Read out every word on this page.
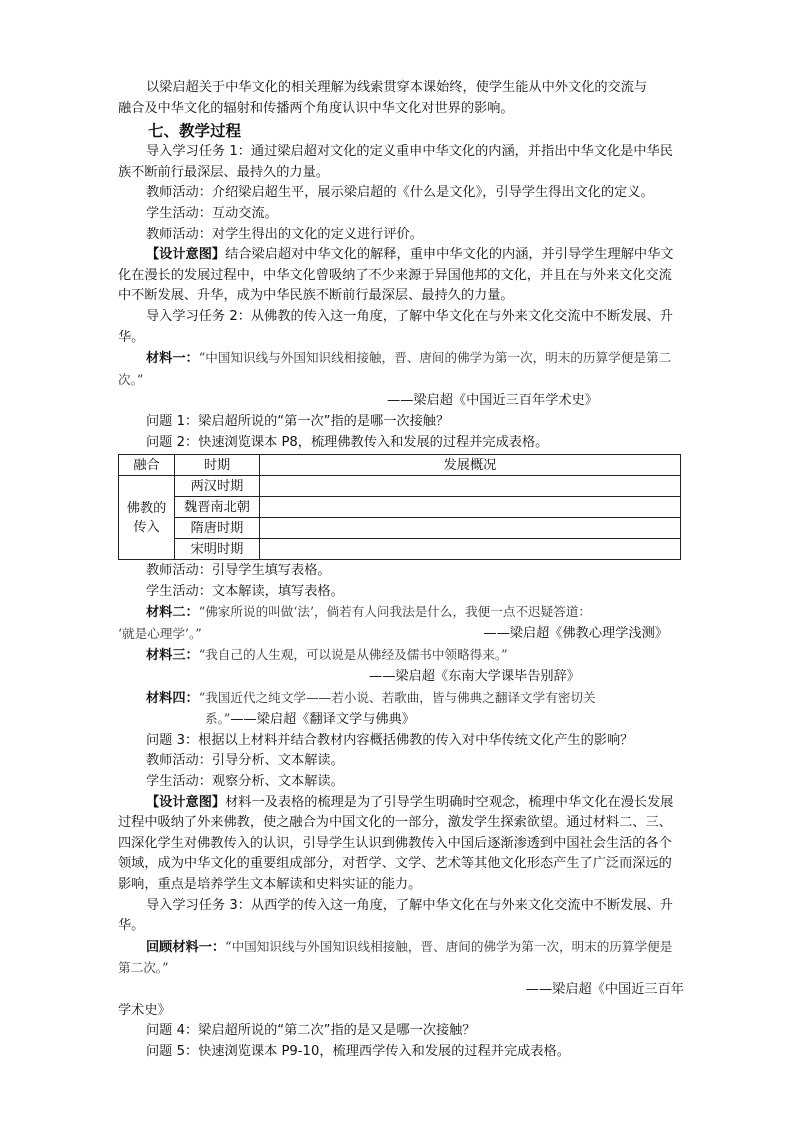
以梁启超关于中华文化的相关理解为线索贯穿本课始终，使学生能从中外文化的交流与
融合及中华文化的辐射和传播两个角度认识中华文化对世界的影响。

七、教学过程

导入学习任务 1：通过梁启超对文化的定义重申中华文化的内涵，并指出中华文化是中华民族不断前行最深层、最持久的力量。

教师活动：介绍梁启超生平，展示梁启超的《什么是文化》，引导学生得出文化的定义。

学生活动：互动交流。

教师活动：对学生得出的文化的定义进行评价。

【设计意图】结合梁启超对中华文化的解释，重申中华文化的内涵，并引导学生理解中华文化在漫长的发展过程中，中华文化曾吸纳了不少来源于异国他邦的文化，并且在与外来文化交流中不断发展、升华，成为中华民族不断前行最深层、最持久的力量。

导入学习任务 2：从佛教的传入这一角度，了解中华文化在与外来文化交流中不断发展、升华。

材料一：“中国知识线与外国知识线相接触，晋、唐间的佛学为第一次，明末的历算学便是第二次。”
——梁启超《中国近三百年学术史》

问题 1：梁启超所说的“第一次”指的是哪一次接触？

问题 2：快速浏览课本 P8，梳理佛教传入和发展的过程并完成表格。

融合	时期	发展概况
佛教的
传入	两汉时期	
	魏晋南北朝	
	隋唐时期	
	宋明时期	

教师活动：引导学生填写表格。

学生活动：文本解读，填写表格。

材料二：“佛家所说的叫做‘法’，倘若有人问我法是什么，我便一点不迟疑答道：

‘就是心理学’。”	——梁启超《佛教心理学浅测》

材料三：“我自己的人生观，可以说是从佛经及儒书中领略得来。”
——梁启超《东南大学课毕告别辞》

材料四：“我国近代之纯文学——若小说、若歌曲，皆与佛典之翻译文学有密切关
系。”——梁启超《翻译文学与佛典》

问题 3：根据以上材料并结合教材内容概括佛教的传入对中华传统文化产生的影响？

教师活动：引导分析、文本解读。

学生活动：观察分析、文本解读。

【设计意图】材料一及表格的梳理是为了引导学生明确时空观念，梳理中华文化在漫长发展过程中吸纳了外来佛教，使之融合为中国文化的一部分，激发学生探索欲望。通过材料二、三、四深化学生对佛教传入的认识，引导学生认识到佛教传入中国后逐渐渗透到中国社会生活的各个领域，成为中华文化的重要组成部分，对哲学、文学、艺术等其他文化形态产生了广泛而深远的影响，重点是培养学生文本解读和史料实证的能力。

导入学习任务 3：从西学的传入这一角度，了解中华文化在与外来文化交流中不断发展、升华。

回顾材料一：“中国知识线与外国知识线相接触，晋、唐间的佛学为第一次，明末的历算学便是第二次。”
——梁启超《中国近三百年

学术史》

问题 4：梁启超所说的“第二次”指的是又是哪一次接触？

问题 5：快速浏览课本 P9-10，梳理西学传入和发展的过程并完成表格。
